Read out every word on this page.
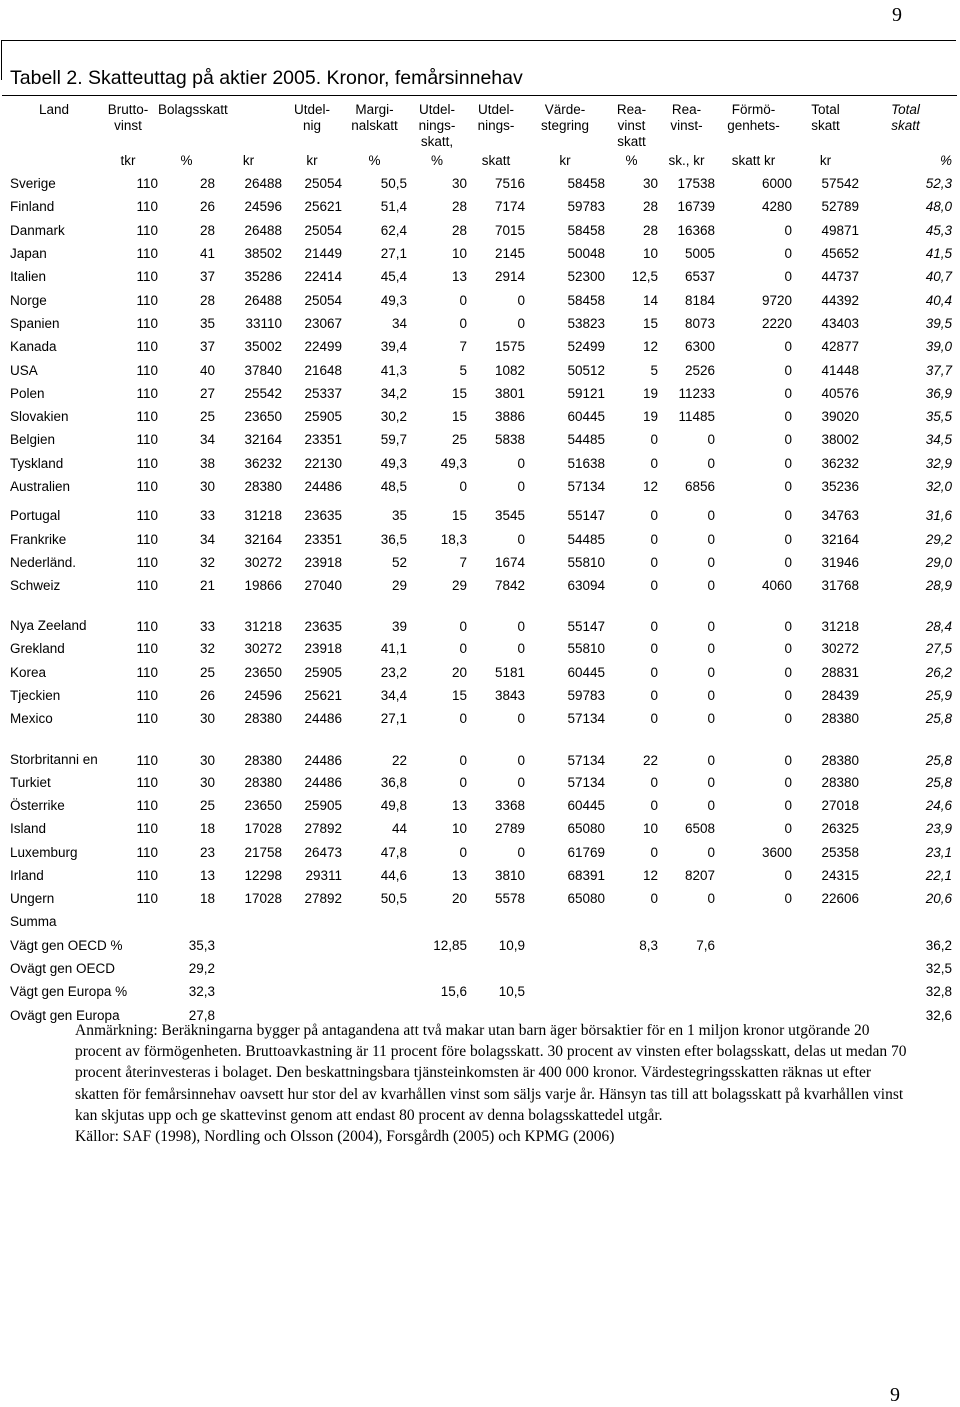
9
Tabell 2. Skatteuttag på aktier 2005. Kronor, femårsinnehav
Land	Brutto-	Bolagsskatt		Utdel-	Margi-	Utdel-	Utdel-	Värde-	Rea-	Rea-	Förmö-	Total	Total
	vinst			nig	nalskatt	nings-	nings-	stegring	vinst	vinst-	genhets-	skatt	skatt
						skatt,			skatt				
	tkr	%	kr	kr	%	%	skatt	kr	%	sk., kr	skatt kr	kr	%
Sverige	110	28	26488	25054	50,5	30	7516	58458	30	17538	6000	57542	52,3
Finland	110	26	24596	25621	51,4	28	7174	59783	28	16739	4280	52789	48,0
Danmark	110	28	26488	25054	62,4	28	7015	58458	28	16368	0	49871	45,3
Japan	110	41	38502	21449	27,1	10	2145	50048	10	5005	0	45652	41,5
Italien	110	37	35286	22414	45,4	13	2914	52300	12,5	6537	0	44737	40,7
Norge	110	28	26488	25054	49,3	0	0	58458	14	8184	9720	44392	40,4
Spanien	110	35	33110	23067	34	0	0	53823	15	8073	2220	43403	39,5
Kanada	110	37	35002	22499	39,4	7	1575	52499	12	6300	0	42877	39,0
USA	110	40	37840	21648	41,3	5	1082	50512	5	2526	0	41448	37,7
Polen	110	27	25542	25337	34,2	15	3801	59121	19	11233	0	40576	36,9
Slovakien	110	25	23650	25905	30,2	15	3886	60445	19	11485	0	39020	35,5
Belgien	110	34	32164	23351	59,7	25	5838	54485	0	0	0	38002	34,5
Tyskland	110	38	36232	22130	49,3	49,3	0	51638	0	0	0	36232	32,9
Australien	110	30	28380	24486	48,5	0	0	57134	12	6856	0	35236	32,0

Portugal	110	33	31218	23635	35	15	3545	55147	0	0	0	34763	31,6
Frankrike	110	34	32164	23351	36,5	18,3	0	54485	0	0	0	32164	29,2
Nederländ.	110	32	30272	23918	52	7	1674	55810	0	0	0	31946	29,0
Schweiz	110	21	19866	27040	29	29	7842	63094	0	0	4060	31768	28,9
Nya Zeeland	110	33	31218	23635	39	0	0	55147	0	0	0	31218	28,4
Grekland	110	32	30272	23918	41,1	0	0	55810	0	0	0	30272	27,5
Korea	110	25	23650	25905	23,2	20	5181	60445	0	0	0	28831	26,2
Tjeckien	110	26	24596	25621	34,4	15	3843	59783	0	0	0	28439	25,9
Mexico	110	30	28380	24486	27,1	0	0	57134	0	0	0	28380	25,8
Storbritanni en	110	30	28380	24486	22	0	0	57134	22	0	0	28380	25,8
Turkiet	110	30	28380	24486	36,8	0	0	57134	0	0	0	28380	25,8
Österrike	110	25	23650	25905	49,8	13	3368	60445	0	0	0	27018	24,6
Island	110	18	17028	27892	44	10	2789	65080	10	6508	0	26325	23,9
Luxemburg	110	23	21758	26473	47,8	0	0	61769	0	0	3600	25358	23,1
Irland	110	13	12298	29311	44,6	13	3810	68391	12	8207	0	24315	22,1
Ungern	110	18	17028	27892	50,5	20	5578	65080	0	0	0	22606	20,6
Summa													
Vägt gen OECD %		35,3				12,85	10,9		8,3	7,6			36,2
Ovägt gen OECD		29,2											32,5
Vägt gen Europa %		32,3				15,6	10,5						32,8
Ovägt gen Europa		27,8											32,6

Anmärkning: Beräkningarna bygger på antagandena att två makar utan barn äger börsaktier för en 1 miljon kronor utgörande 20 procent av förmögenheten. Bruttoavkastning är 11 procent före bolagsskatt. 30 procent av vinsten efter bolagsskatt, delas ut medan 70 procent återinvesteras i bolaget. Den beskattningsbara tjänsteinkomsten är 400 000 kronor. Värdestegringsskatten räknas ut efter skatten för femårsinnehav oavsett hur stor del av kvarhållen vinst som säljs varje år. Hänsyn tas till att bolagsskatt på kvarhållen vinst kan skjutas upp och ge skattevinst genom att endast 80 procent av denna bolagsskattedel utgår.

Källor: SAF (1998), Nordling och Olsson (2004), Forsgårdh (2005) och KPMG (2006)

9
